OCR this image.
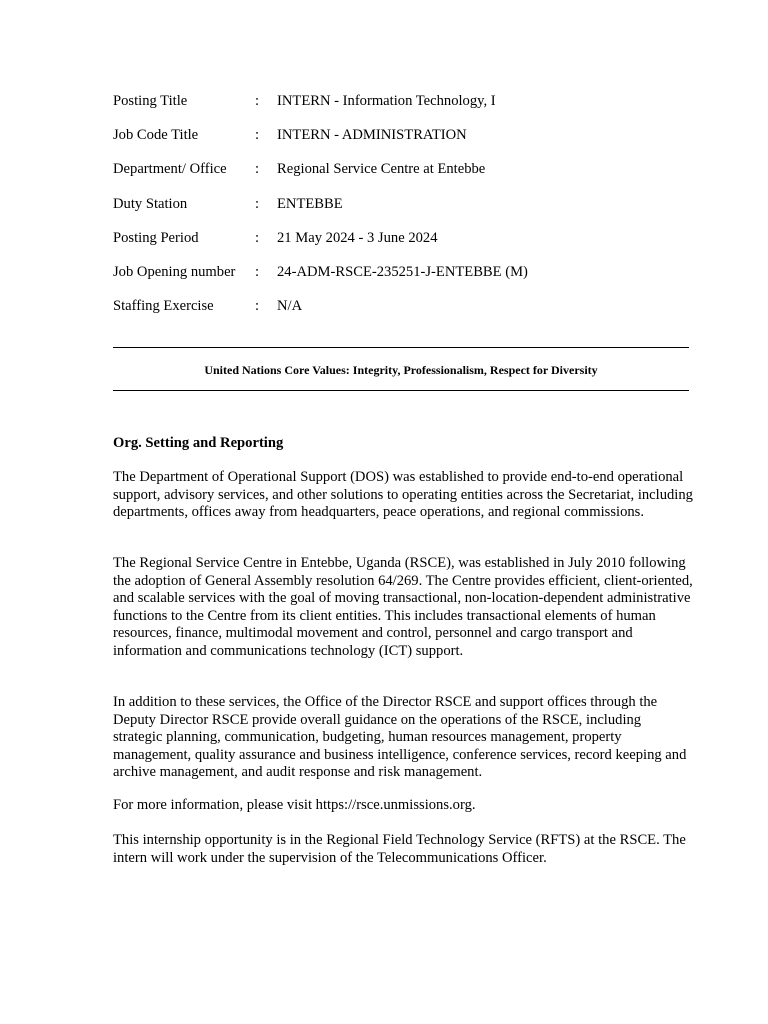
Posting Title	:	INTERN - Information Technology, I
Job Code Title	:	INTERN - ADMINISTRATION
Department/ Office	:	Regional Service Centre at Entebbe
Duty Station	:	ENTEBBE
Posting Period	:	21 May 2024 - 3 June 2024
Job Opening number	:	24-ADM-RSCE-235251-J-ENTEBBE (M)
Staffing Exercise	:	N/A
United Nations Core Values: Integrity, Professionalism, Respect for Diversity
Org. Setting and Reporting

The Department of Operational Support (DOS) was established to provide end-to-end operational support, advisory services, and other solutions to operating entities across the Secretariat, including departments, offices away from headquarters, peace operations, and regional commissions.

The Regional Service Centre in Entebbe, Uganda (RSCE), was established in July 2010 following the adoption of General Assembly resolution 64/269. The Centre provides efficient, client-oriented, and scalable services with the goal of moving transactional, non-location-dependent administrative functions to the Centre from its client entities. This includes transactional elements of human resources, finance, multimodal movement and control, personnel and cargo transport and information and communications technology (ICT) support.

In addition to these services, the Office of the Director RSCE and support offices through the Deputy Director RSCE provide overall guidance on the operations of the RSCE, including strategic planning, communication, budgeting, human resources management, property management, quality assurance and business intelligence, conference services, record keeping and archive management, and audit response and risk management.

For more information, please visit https://rsce.unmissions.org.

This internship opportunity is in the Regional Field Technology Service (RFTS) at the RSCE. The intern will work under the supervision of the Telecommunications Officer.
